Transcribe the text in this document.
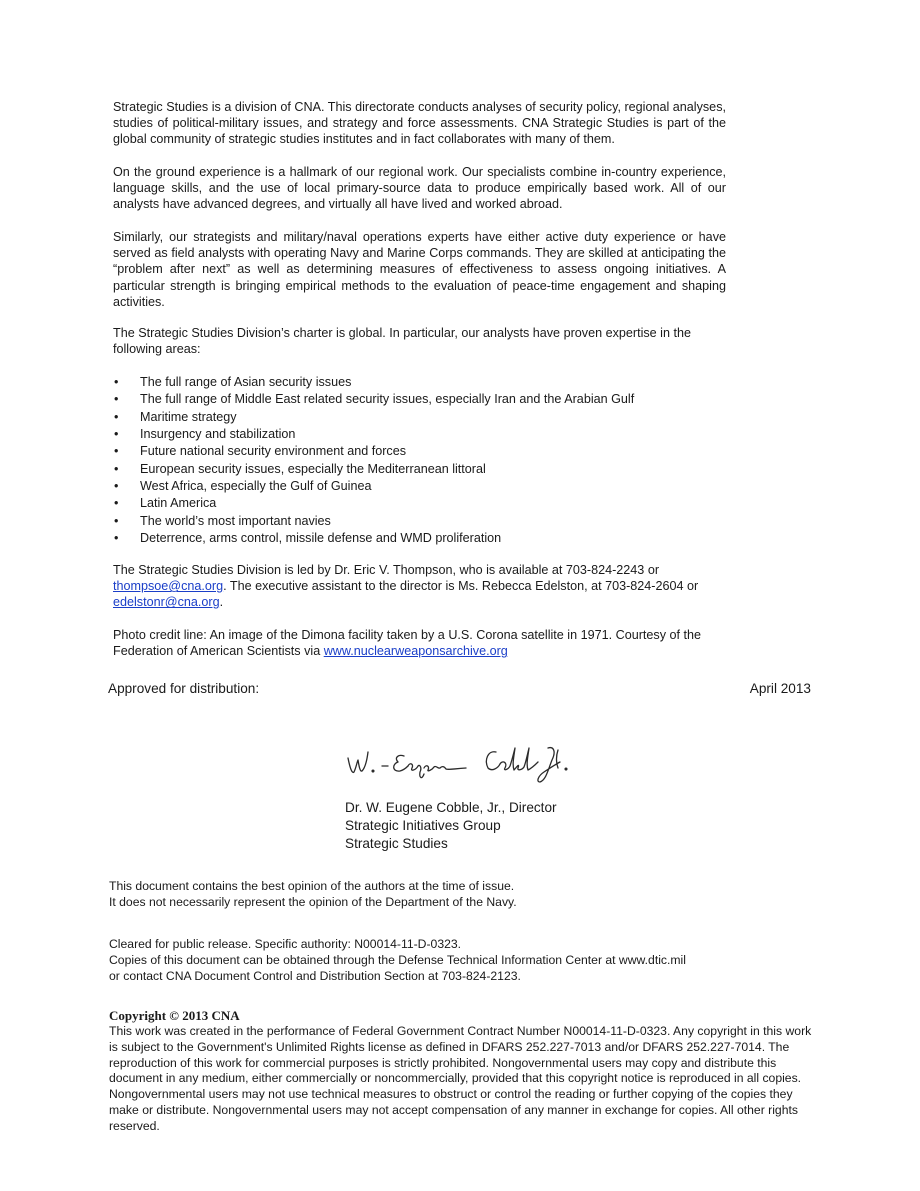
Strategic Studies is a division of CNA. This directorate conducts analyses of security policy, regional analyses, studies of political-military issues, and strategy and force assessments. CNA Strategic Studies is part of the global community of strategic studies institutes and in fact collaborates with many of them.

On the ground experience is a hallmark of our regional work. Our specialists combine in-country experience, language skills, and the use of local primary-source data to produce empirically based work. All of our analysts have advanced degrees, and virtually all have lived and worked abroad.

Similarly, our strategists and military/naval operations experts have either active duty experience or have served as field analysts with operating Navy and Marine Corps commands. They are skilled at anticipating the “problem after next” as well as determining measures of effectiveness to assess ongoing initiatives. A particular strength is bringing empirical methods to the evaluation of peace-time engagement and shaping activities.

The Strategic Studies Division’s charter is global. In particular, our analysts have proven expertise in the following areas:

• The full range of Asian security issues
• The full range of Middle East related security issues, especially Iran and the Arabian Gulf
• Maritime strategy
• Insurgency and stabilization
• Future national security environment and forces
• European security issues, especially the Mediterranean littoral
• West Africa, especially the Gulf of Guinea
• Latin America
• The world’s most important navies
• Deterrence, arms control, missile defense and WMD proliferation

The Strategic Studies Division is led by Dr. Eric V. Thompson, who is available at 703-824-2243 or thompsoe@cna.org. The executive assistant to the director is Ms. Rebecca Edelston, at 703-824-2604 or edelstonr@cna.org.

Photo credit line: An image of the Dimona facility taken by a U.S. Corona satellite in 1971. Courtesy of the Federation of American Scientists via www.nuclearweaponsarchive.org

Approved for distribution:	April 2013
W. Eugene Cobble Jr.
Dr. W. Eugene Cobble, Jr., Director
Strategic Initiatives Group
Strategic Studies
This document contains the best opinion of the authors at the time of issue.
It does not necessarily represent the opinion of the Department of the Navy.
Cleared for public release. Specific authority: N00014-11-D-0323.
Copies of this document can be obtained through the Defense Technical Information Center at www.dtic.mil
or contact CNA Document Control and Distribution Section at 703-824-2123.
Copyright © 2013 CNA

This work was created in the performance of Federal Government Contract Number N00014-11-D-0323. Any copyright in this work is subject to the Government's Unlimited Rights license as defined in DFARS 252.227-7013 and/or DFARS 252.227-7014. The reproduction of this work for commercial purposes is strictly prohibited. Nongovernmental users may copy and distribute this document in any medium, either commercially or noncommercially, provided that this copyright notice is reproduced in all copies. Nongovernmental users may not use technical measures to obstruct or control the reading or further copying of the copies they make or distribute. Nongovernmental users may not accept compensation of any manner in exchange for copies. All other rights reserved.
